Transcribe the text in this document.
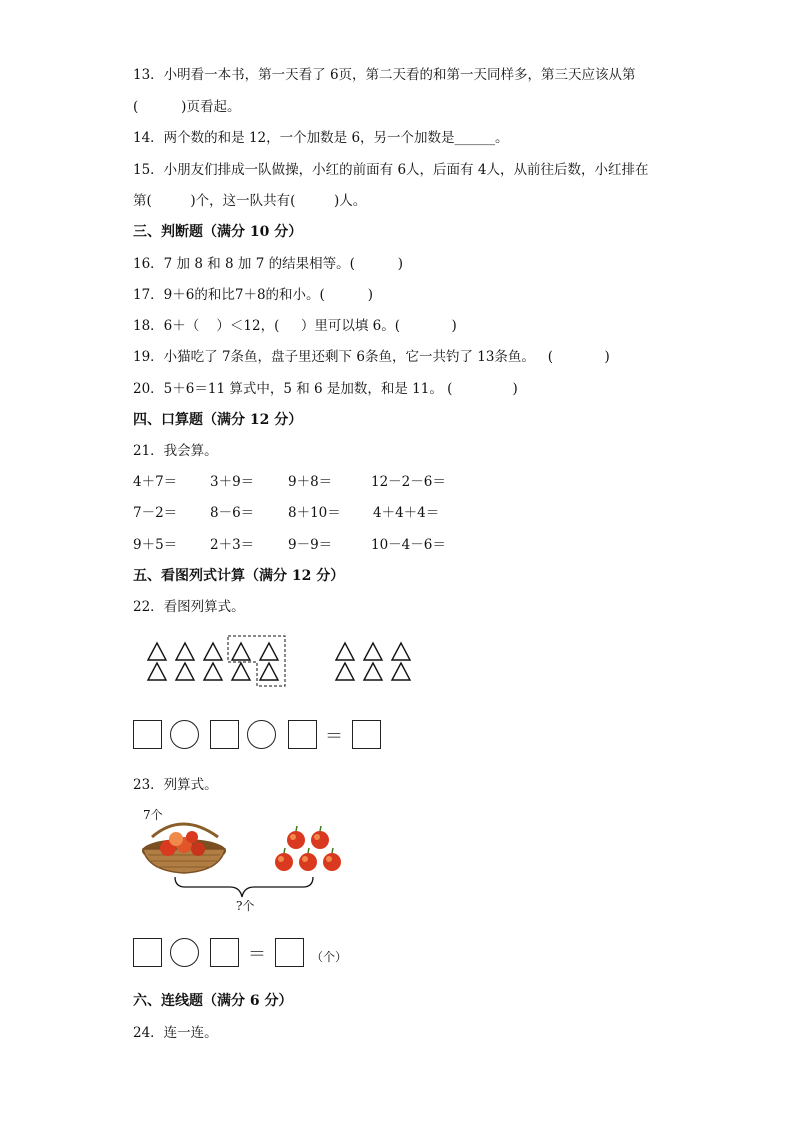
13．小明看一本书，第一天看了 6页，第二天看的和第一天同样多，第三天应该从第
(          )页看起。
14．两个数的和是 12，一个加数是 6，另一个加数是______。
15．小朋友们排成一队做操，小红的前面有 6人，后面有 4人，从前往后数，小红排在
第(         )个，这一队共有(         )人。
三、判断题（满分 10 分）
16．7 加 8 和 8 加 7 的结果相等。(          )
17．9＋6的和比7＋8的和小。(          )
18．6＋（    ）＜12，(     ）里可以填 6。(            )
19．小猫吃了 7条鱼，盘子里还剩下 6条鱼，它一共钓了 13条鱼。   (            )
20．5＋6＝11 算式中，5 和 6 是加数，和是 11。 (              )
四、口算题（满分 12 分）
21．我会算。
4＋7＝ 3＋9＝	9＋8＝	12－2－6＝
7－2＝ 8－6＝	8＋10＝ 4＋4＋4＝
9＋5＝ 2＋3＝	9－9＝	10－4－6＝
五、看图列式计算（满分 12 分）
22．看图列算式。
＝
23．列算式。
7个
?个
＝	（个）
六、连线题（满分 6 分）
24．连一连。
